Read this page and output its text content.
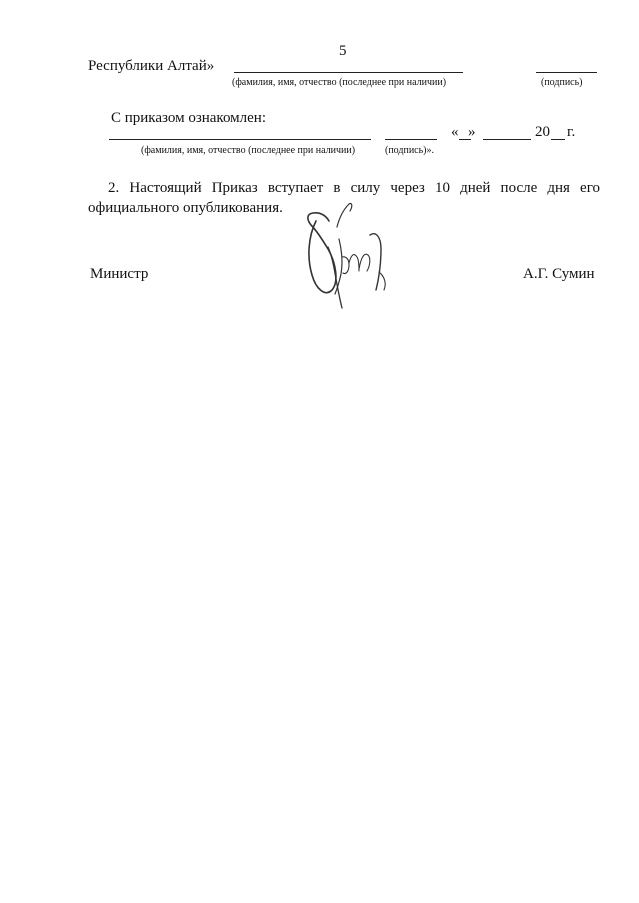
5
Республики Алтай»
(фамилия, имя, отчество (последнее при наличии)	(подпись)
С приказом ознакомлен:
« »	20 г.
(фамилия, имя, отчество (последнее при наличии)	(подпись)».
2. Настоящий Приказ вступает в силу через 10 дней после дня его официального опубликования.
Министр	А.Г. Сумин
